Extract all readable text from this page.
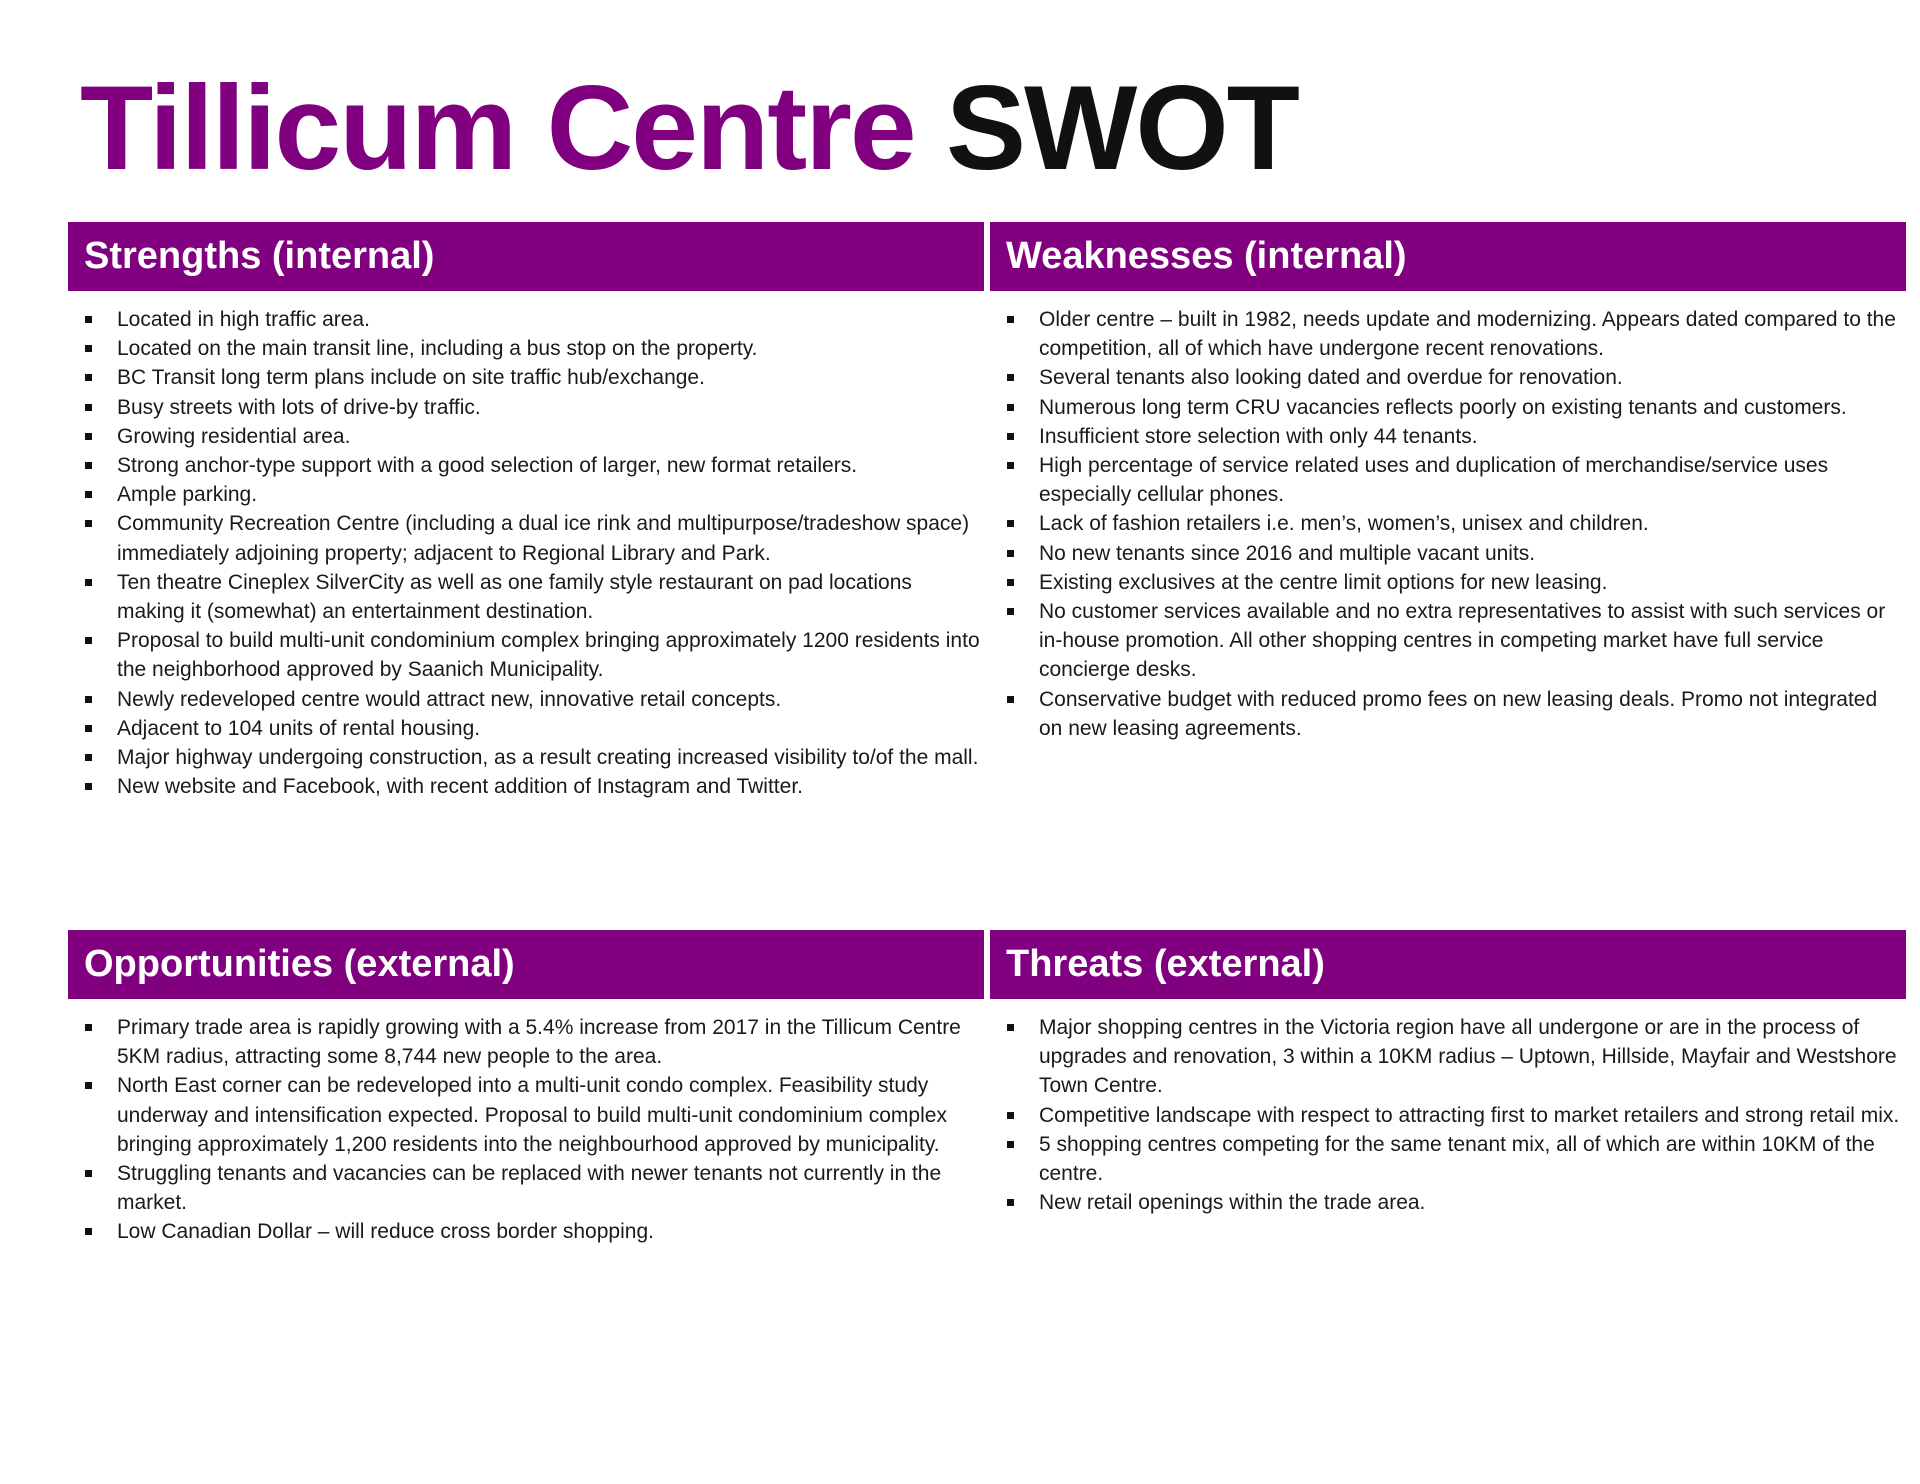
Tillicum Centre SWOT
Strengths (internal)
Located in high traffic area.
Located on the main transit line, including a bus stop on the property.
BC Transit long term plans include on site traffic hub/exchange.
Busy streets with lots of drive-by traffic.
Growing residential area.
Strong anchor-type support with a good selection of larger, new format retailers.
Ample parking.
Community Recreation Centre (including a dual ice rink and multipurpose/tradeshow space) immediately adjoining property; adjacent to Regional Library and Park.
Ten theatre Cineplex SilverCity as well as one family style restaurant on pad locations making it (somewhat) an entertainment destination.
Proposal to build multi-unit condominium complex bringing approximately 1200 residents into the neighborhood approved by Saanich Municipality.
Newly redeveloped centre would attract new, innovative retail concepts.
Adjacent to 104 units of rental housing.
Major highway undergoing construction, as a result creating increased visibility to/of the mall.
New website and Facebook, with recent addition of Instagram and Twitter.
Weaknesses (internal)
Older centre – built in 1982, needs update and modernizing. Appears dated compared to the competition, all of which have undergone recent renovations.
Several tenants also looking dated and overdue for renovation.
Numerous long term CRU vacancies reflects poorly on existing tenants and customers.
Insufficient store selection with only 44 tenants.
High percentage of service related uses and duplication of merchandise/service uses especially cellular phones.
Lack of fashion retailers i.e. men’s, women’s, unisex and children.
No new tenants since 2016 and multiple vacant units.
Existing exclusives at the centre limit options for new leasing.
No customer services available and no extra representatives to assist with such services or in-house promotion. All other shopping centres in competing market have full service concierge desks.
Conservative budget with reduced promo fees on new leasing deals. Promo not integrated on new leasing agreements.
Opportunities (external)
Primary trade area is rapidly growing with a 5.4% increase from 2017 in the Tillicum Centre 5KM radius, attracting some 8,744 new people to the area.
North East corner can be redeveloped into a multi-unit condo complex. Feasibility study underway and intensification expected. Proposal to build multi-unit condominium complex bringing approximately 1,200 residents into the neighbourhood approved by municipality.
Struggling tenants and vacancies can be replaced with newer tenants not currently in the market.
Low Canadian Dollar – will reduce cross border shopping.
Threats (external)
Major shopping centres in the Victoria region have all undergone or are in the process of upgrades and renovation, 3 within a 10KM radius – Uptown, Hillside, Mayfair and Westshore Town Centre.
Competitive landscape with respect to attracting first to market retailers and strong retail mix.
5 shopping centres competing for the same tenant mix, all of which are within 10KM of the centre.
New retail openings within the trade area.
